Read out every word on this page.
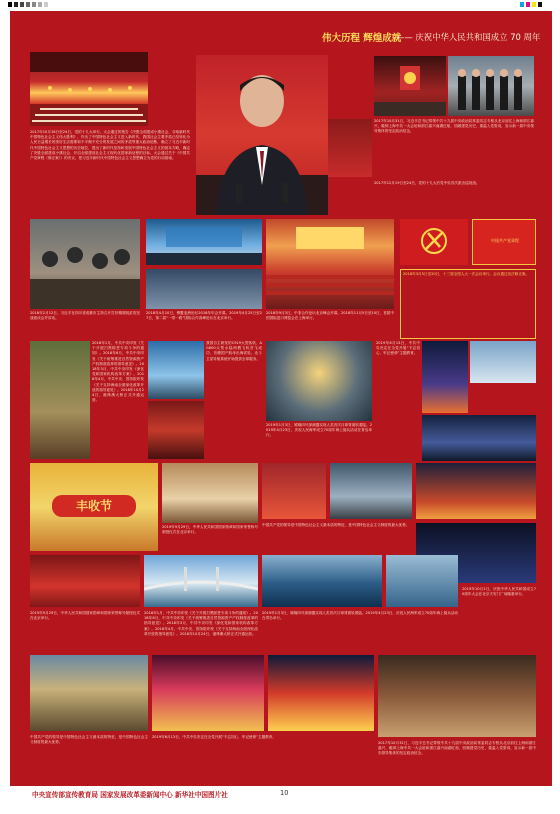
伟大历程 辉煌成就
—— 庆祝中华人民共和国成立 70 周年
2017年10月18日至24日，党的十九大举行。大会通过的报告《决胜全面建成小康社会，夺取新时代中国特色社会主义伟大胜利》，作出了中国特色社会主义进入新时代、我国社会主要矛盾已经转化为人民日益增长的美好生活需要和不平衡不充分的发展之间的矛盾等重大政治论断，确立了习近平新时代中国特色社会主义思想的历史地位，提出了新时代坚持和发展中国特色社会主义的基本方略，确定了决胜全面建成小康社会、开启全面建设社会主义现代化国家新征程的目标。大会通过关于《中国共产党章程（修正案）》的决议，把习近平新时代中国特色社会主义思想确立为党的行动指南。
2017年10月31日，习近平总书记带领中共十九届中央政治局常委同志专程从北京前往上海和浙江嘉兴，瞻仰上海中共一大会址和浙江嘉兴南湖红船，回顾建党历史，重温入党誓词，宣示新一届中央领导集体的坚定政治信念。
2017年12月19日至24日，党的十九大后党中央首次派出巡视组。
中国共产党章程
2018年2月12日，习近平在四川省成都市主持召开打好精准脱贫攻坚战座谈会并讲话。
2018年4月10日，博鳌亚洲论坛2018年年会开幕。2019年4月25日至27日，第二届“一带一路”国际合作高峰论坛在北京举行。
2018年9月3日，中非合作论坛北京峰会开幕。2018年11月5日至10日，首届中国国际进口博览会在上海举行。
2018年3月5日至20日，十三届全国人大一次会议举行。会议通过宪法修正案。
2018年1月，中共中央印发《关于开展扫黑除恶专项斗争的通知》。2018年6月，中共中央印发《关于统筹推进自然资源资产产权制度改革的指导意见》。2018年3月，中共中央印发《深化党和国家机构改革方案》。2018年4月，中共中央、国务院印发《关于支持海南全面深化改革开放的指导意见》。2018年10月24日，港珠澳大桥正式开通运营。
我国自主研发的C919大型客机、AG600大型水陆两栖飞机首飞成功，首艘国产航母出海试验，北斗卫星导航系统开始提供全球服务。
2019年1月3日，嫦娥四号探测器实现人类首次月球背面软着陆。2019年4月23日，庆祝人民海军成立70周年海上阅兵活动在青岛举行。
2019年6月13日，中共中央决定在全党开展“不忘初心、牢记使命”主题教育。
丰收节
2019年9月29日，中华人民共和国国家勋章和国家荣誉称号颁授仪式在北京举行。
中国共产党的领导是中国特色社会主义最本质的特征，是中国特色社会主义制度的最大优势。
2019年10月1日，庆祝中华人民共和国成立70周年大会在北京天安门广场隆重举行。
2019年9月29日，中华人民共和国国家勋章和国家荣誉称号颁授仪式在北京举行。
2018年1月，中共中央印发《关于开展扫黑除恶专项斗争的通知》。2018年6月，中共中央印发《关于统筹推进自然资源资产产权制度改革的指导意见》。2018年3月，中共中央印发《深化党和国家机构改革方案》。2018年4月，中共中央、国务院印发《关于支持海南全面深化改革开放的指导意见》。2018年10月24日，港珠澳大桥正式开通运营。
2019年1月3日，嫦娥四号探测器实现人类首次月球背面软着陆。2019年4月23日，庆祝人民海军成立70周年海上阅兵活动在青岛举行。
中国共产党的领导是中国特色社会主义最本质的特征，是中国特色社会主义制度的最大优势。
2019年6月13日，中共中央决定在全党开展“不忘初心、牢记使命”主题教育。
2017年10月31日，习近平总书记带领中共十九届中央政治局常委同志专程从北京前往上海和浙江嘉兴，瞻仰上海中共一大会址和浙江嘉兴南湖红船，回顾建党历史，重温入党誓词，宣示新一届中央领导集体的坚定政治信念。
中央宣传部宣传教育局 国家发展改革委新闻中心 新华社中国图片社	10
